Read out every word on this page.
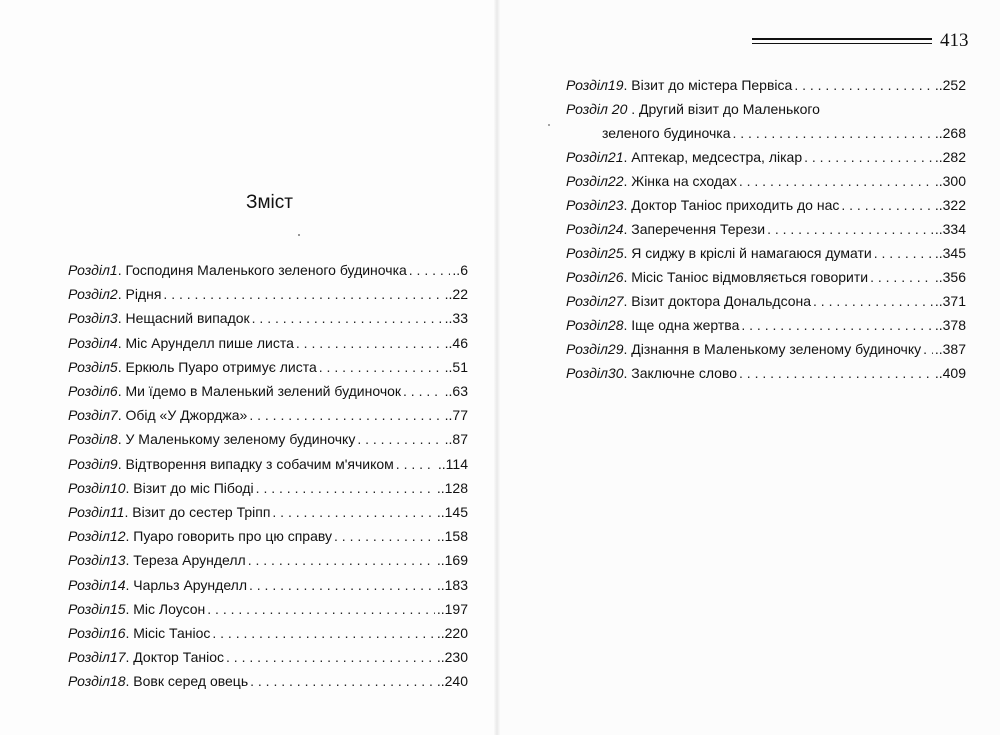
413
Зміст
Розділ 1 . Господиня Маленького зеленого будиночка . . .	.. 6
Розділ 2 . Рідня . . .	.. 22
Розділ 3 . Нещасний випадок . . .	.. 33
Розділ 4 . Міс Арунделл пише листа . . .	.. 46
Розділ 5 . Еркюль Пуаро отримує листа . . .	.. 51
Розділ 6 . Ми їдемо в Маленький зелений будиночок . . .	.. 63
Розділ 7 . Обід «У Джорджа» . . .	.. 77
Розділ 8 . У Маленькому зеленому будиночку . . .	.. 87
Розділ 9 . Відтворення випадку з собачим м'ячиком . . .	.. 114
Розділ 10 . Візит до міс Пібоді . . .	.. 128
Розділ 11 . Візит до сестер Тріпп . . .	.. 145
Розділ 12 . Пуаро говорить про цю справу . . .	.. 158
Розділ 13 . Тереза Арунделл . . .	.. 169
Розділ 14 . Чарльз Арунделл . . .	.. 183
Розділ 15 . Міс Лоусон . . .	.. 197
Розділ 16 . Місіс Таніос . . .	.. 220
Розділ 17 . Доктор Таніос . . .	.. 230
Розділ 18 . Вовк серед овець . . .	.. 240
Розділ 19 . Візит до містера Первіса . . .	.. 252
Розділ 20 . Другий візит до Маленького
зеленого будиночка . . .	.. 268
Розділ 21 . Аптекар, медсестра, лікар . . .	.. 282
Розділ 22 . Жінка на сходах . . .	.. 300
Розділ 23 . Доктор Таніос приходить до нас . . .	.. 322
Розділ 24 . Заперечення Терези . . .	.. 334
Розділ 25 . Я сиджу в кріслі й намагаюся думати . . .	.. 345
Розділ 26 . Місіс Таніос відмовляється говорити . . .	.. 356
Розділ 27 . Візит доктора Дональдсона . . .	.. 371
Розділ 28 . Іще одна жертва . . .	.. 378
Розділ 29 . Дізнання в Маленькому зеленому будиночку . . .	.. 387
Розділ 30 . Заключне слово . . .	.. 409
